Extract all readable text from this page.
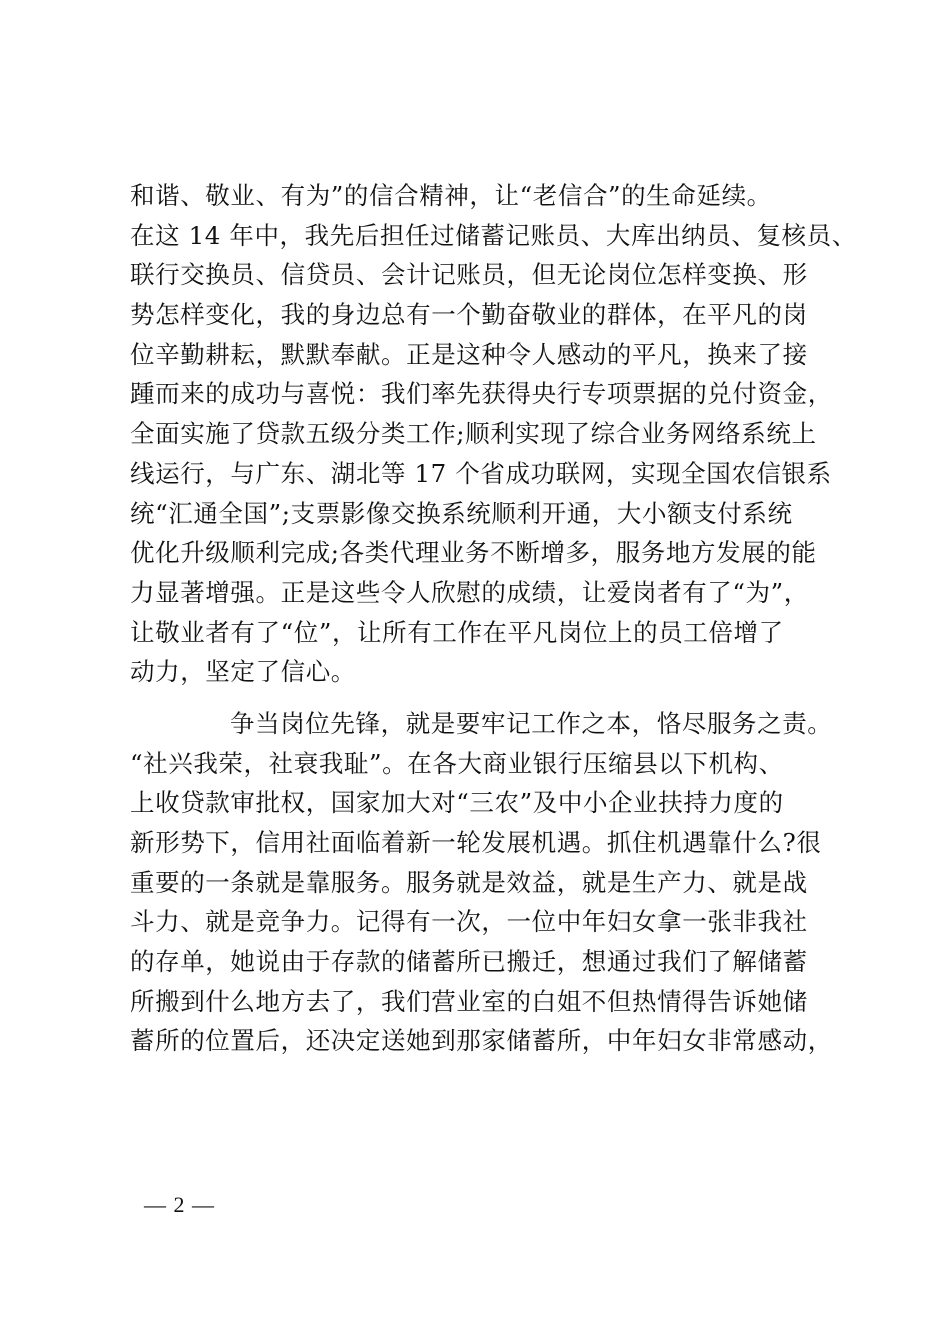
和谐、敬业、有为”的信合精神，让“老信合”的生命延续。
在这 14 年中，我先后担任过储蓄记账员、大库出纳员、复核员、
联行交换员、信贷员、会计记账员，但无论岗位怎样变换、形
势怎样变化，我的身边总有一个勤奋敬业的群体，在平凡的岗
位辛勤耕耘，默默奉献。正是这种令人感动的平凡，换来了接
踵而来的成功与喜悦：我们率先获得央行专项票据的兑付资金，
全面实施了贷款五级分类工作;顺利实现了综合业务网络系统上
线运行，与广东、湖北等 17 个省成功联网，实现全国农信银系
统“汇通全国”;支票影像交换系统顺利开通，大小额支付系统
优化升级顺利完成;各类代理业务不断增多，服务地方发展的能
力显著增强。正是这些令人欣慰的成绩，让爱岗者有了“为”，
让敬业者有了“位”，让所有工作在平凡岗位上的员工倍增了
动力，坚定了信心。
争当岗位先锋，就是要牢记工作之本，恪尽服务之责。
“社兴我荣，社衰我耻”。在各大商业银行压缩县以下机构、
上收贷款审批权，国家加大对“三农”及中小企业扶持力度的
新形势下，信用社面临着新一轮发展机遇。抓住机遇靠什么?很
重要的一条就是靠服务。服务就是效益，就是生产力、就是战
斗力、就是竞争力。记得有一次，一位中年妇女拿一张非我社
的存单，她说由于存款的储蓄所已搬迁，想通过我们了解储蓄
所搬到什么地方去了，我们营业室的白姐不但热情得告诉她储
蓄所的位置后，还决定送她到那家储蓄所，中年妇女非常感动，
— 2 —
